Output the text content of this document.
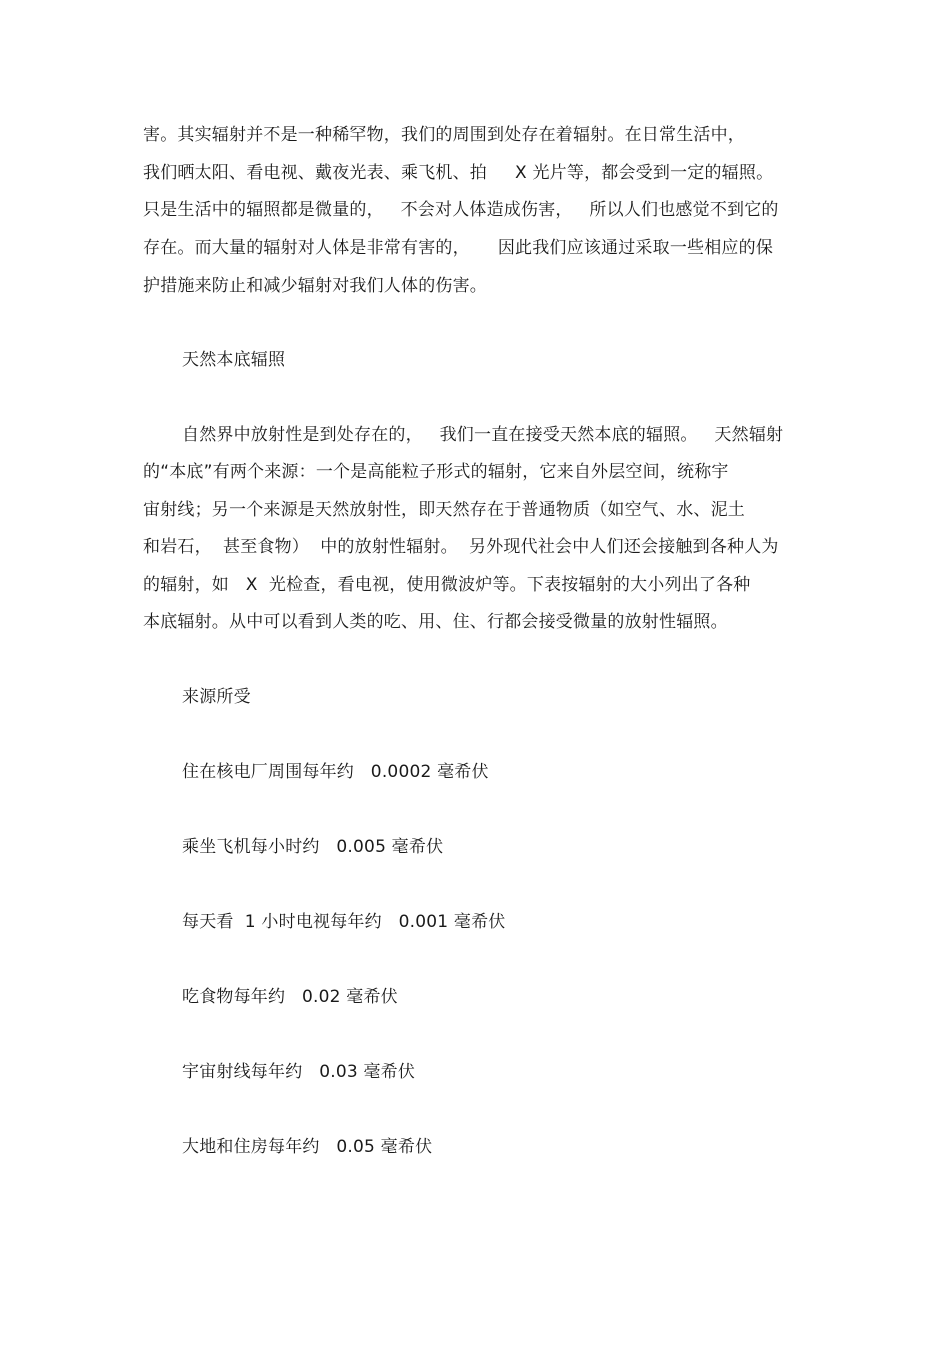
害。其实辐射并不是一种稀罕物，我们的周围到处存在着辐射。在日常生活中，
我们晒太阳、看电视、戴夜光表、乘飞机、拍     X 光片等，都会受到一定的辐照。
只是生活中的辐照都是微量的，   不会对人体造成伤害，   所以人们也感觉不到它的
存在。而大量的辐射对人体是非常有害的，     因此我们应该通过采取一些相应的保
护措施来防止和减少辐射对我们人体的伤害。
天然本底辐照
自然界中放射性是到处存在的，   我们一直在接受天然本底的辐照。   天然辐射
的“本底”有两个来源：一个是高能粒子形式的辐射，它来自外层空间，统称宇
宙射线；另一个来源是天然放射性，即天然存在于普通物质（如空气、水、泥土
和岩石，  甚至食物）  中的放射性辐射。  另外现代社会中人们还会接触到各种人为
的辐射，如   X  光检查，看电视，使用微波炉等。下表按辐射的大小列出了各种
本底辐射。从中可以看到人类的吃、用、住、行都会接受微量的放射性辐照。
来源所受
住在核电厂周围每年约   0.0002 毫希伏
乘坐飞机每小时约   0.005 毫希伏
每天看  1 小时电视每年约   0.001 毫希伏
吃食物每年约   0.02 毫希伏
宇宙射线每年约   0.03 毫希伏
大地和住房每年约   0.05 毫希伏
